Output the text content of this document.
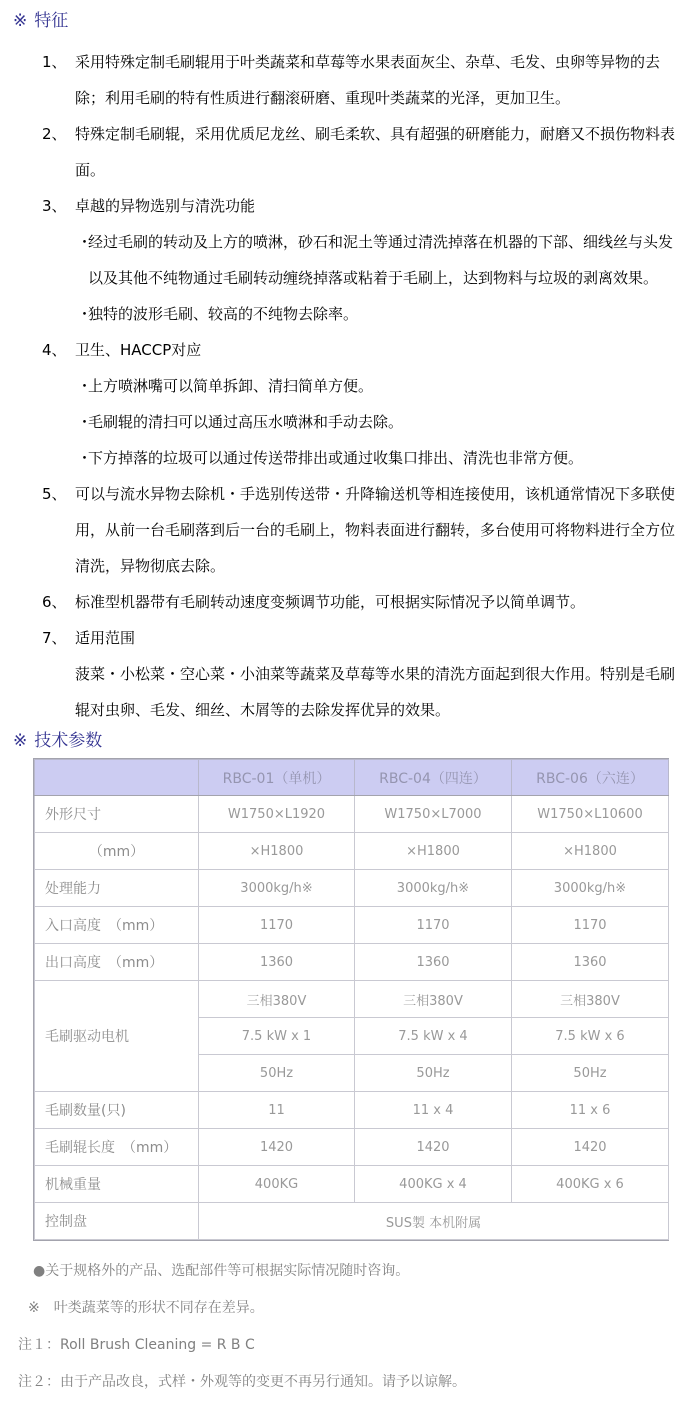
※ 特征
1、 采用特殊定制毛刷辊用于叶类蔬菜和草莓等水果表面灰尘、杂草、毛发、虫卵等异物的去除；利用毛刷的特有性质进行翻滚研磨、重现叶类蔬菜的光泽，更加卫生。
2、 特殊定制毛刷辊，采用优质尼龙丝、刷毛柔软、具有超强的研磨能力，耐磨又不损伤物料表面。
3、 卓越的异物选别与清洗功能
・
经过毛刷的转动及上方的喷淋，砂石和泥土等通过清洗掉落在机器的下部、细线丝与头发以及其他不纯物通过毛刷转动缠绕掉落或粘着于毛刷上，达到物料与垃圾的剥离效果。
・
独特的波形毛刷、较高的不纯物去除率。
4、 卫生、HACCP对应
・
上方喷淋嘴可以简单拆卸、清扫简单方便。
・
毛刷辊的清扫可以通过高压水喷淋和手动去除。
・
下方掉落的垃圾可以通过传送带排出或通过收集口排出、清洗也非常方便。
5、 可以与流水异物去除机・手选别传送带・升降输送机等相连接使用，该机通常情况下多联使用，从前一台毛刷落到后一台的毛刷上，物料表面进行翻转，多台使用可将物料进行全方位清洗，异物彻底去除。
6、 标准型机器带有毛刷转动速度变频调节功能，可根据实际情况予以简单调节。
7、 适用范围
菠菜・小松菜・空心菜・小油菜等蔬菜及草莓等水果的清洗方面起到很大作用。特别是毛刷辊对虫卵、毛发、细丝、木屑等的去除发挥优异的效果。
※ 技术参数
	RBC-01（单机）	RBC-04（四连）	RBC-06（六连）
外形尺寸	W1750×L1920	W1750×L7000	W1750×L10600
（mm）	×H1800	×H1800	×H1800
处理能力	3000kg/h※	3000kg/h※	3000kg/h※
入口高度　（mm）	1170	1170	1170
出口高度　（mm）	1360	1360	1360
毛刷驱动电机	三相380V	三相380V	三相380V
	7.5 kW x 1	7.5 kW x 4	7.5 kW x 6
	50Hz	50Hz	50Hz
毛刷数量(只)	11	11 x 4	11 x 6
毛刷辊长度　（mm）	1420	1420	1420
机械重量	400KG	400KG x 4	400KG x 6
控制盘	SUS製 本机附属		
●关于规格外的产品、选配部件等可根据实际情况随时咨询。
※　叶类蔬菜等的形状不同存在差异。
注１：Roll Brush Cleaning = R B C
注２：由于产品改良，式样・外观等的变更不再另行通知。请予以谅解。
